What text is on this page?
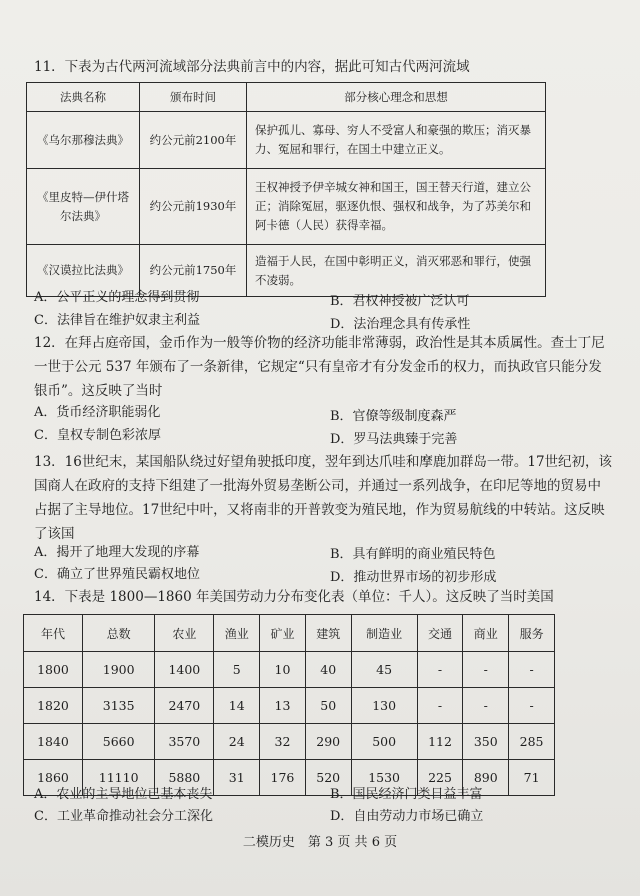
11．下表为古代两河流域部分法典前言中的内容，据此可知古代两河流域
法典名称	颁布时间	部分核心理念和思想
《乌尔那穆法典》	约公元前2100年	保护孤儿、寡母、穷人不受富人和豪强的欺压；消灭暴力、冤屈和罪行，在国土中建立正义。
《里皮特—伊什塔尔法典》	约公元前1930年	王权神授予伊辛城女神和国王，国王替天行道，建立公正；消除冤屈，驱逐仇恨、强权和战争，为了苏美尔和阿卡德（人民）获得幸福。
《汉谟拉比法典》	约公元前1750年	造福于人民，在国中彰明正义，消灭邪恶和罪行，使强不凌弱。
A．公平正义的理念得到贯彻	B．君权神授被广泛认可
C．法律旨在维护奴隶主利益	D．法治理念具有传承性
12．在拜占庭帝国，金币作为一般等价物的经济功能非常薄弱，政治性是其本质属性。查士丁尼一世于公元 537 年颁布了一条新律，它规定“只有皇帝才有分发金币的权力，而执政官只能分发银币”。这反映了当时
A．货币经济职能弱化	B．官僚等级制度森严
C．皇权专制色彩浓厚	D．罗马法典臻于完善
13．16世纪末，某国船队绕过好望角驶抵印度，翌年到达爪哇和摩鹿加群岛一带。17世纪初，该国商人在政府的支持下组建了一批海外贸易垄断公司，并通过一系列战争，在印尼等地的贸易中占据了主导地位。17世纪中叶，又将南非的开普敦变为殖民地，作为贸易航线的中转站。这反映了该国
A．揭开了地理大发现的序幕	B．具有鲜明的商业殖民特色
C．确立了世界殖民霸权地位	D．推动世界市场的初步形成
14．下表是 1800—1860 年美国劳动力分布变化表（单位：千人）。这反映了当时美国
年代	总数	农业	渔业	矿业	建筑	制造业	交通	商业	服务
1800	1900	1400	5	10	40	45	-	-	-
1820	3135	2470	14	13	50	130	-	-	-
1840	5660	3570	24	32	290	500	112	350	285
1860	11110	5880	31	176	520	1530	225	890	71
A．农业的主导地位已基本丧失	B．国民经济门类日益丰富
C．工业革命推动社会分工深化	D．自由劳动力市场已确立
二模历史　第 3 页 共 6 页
